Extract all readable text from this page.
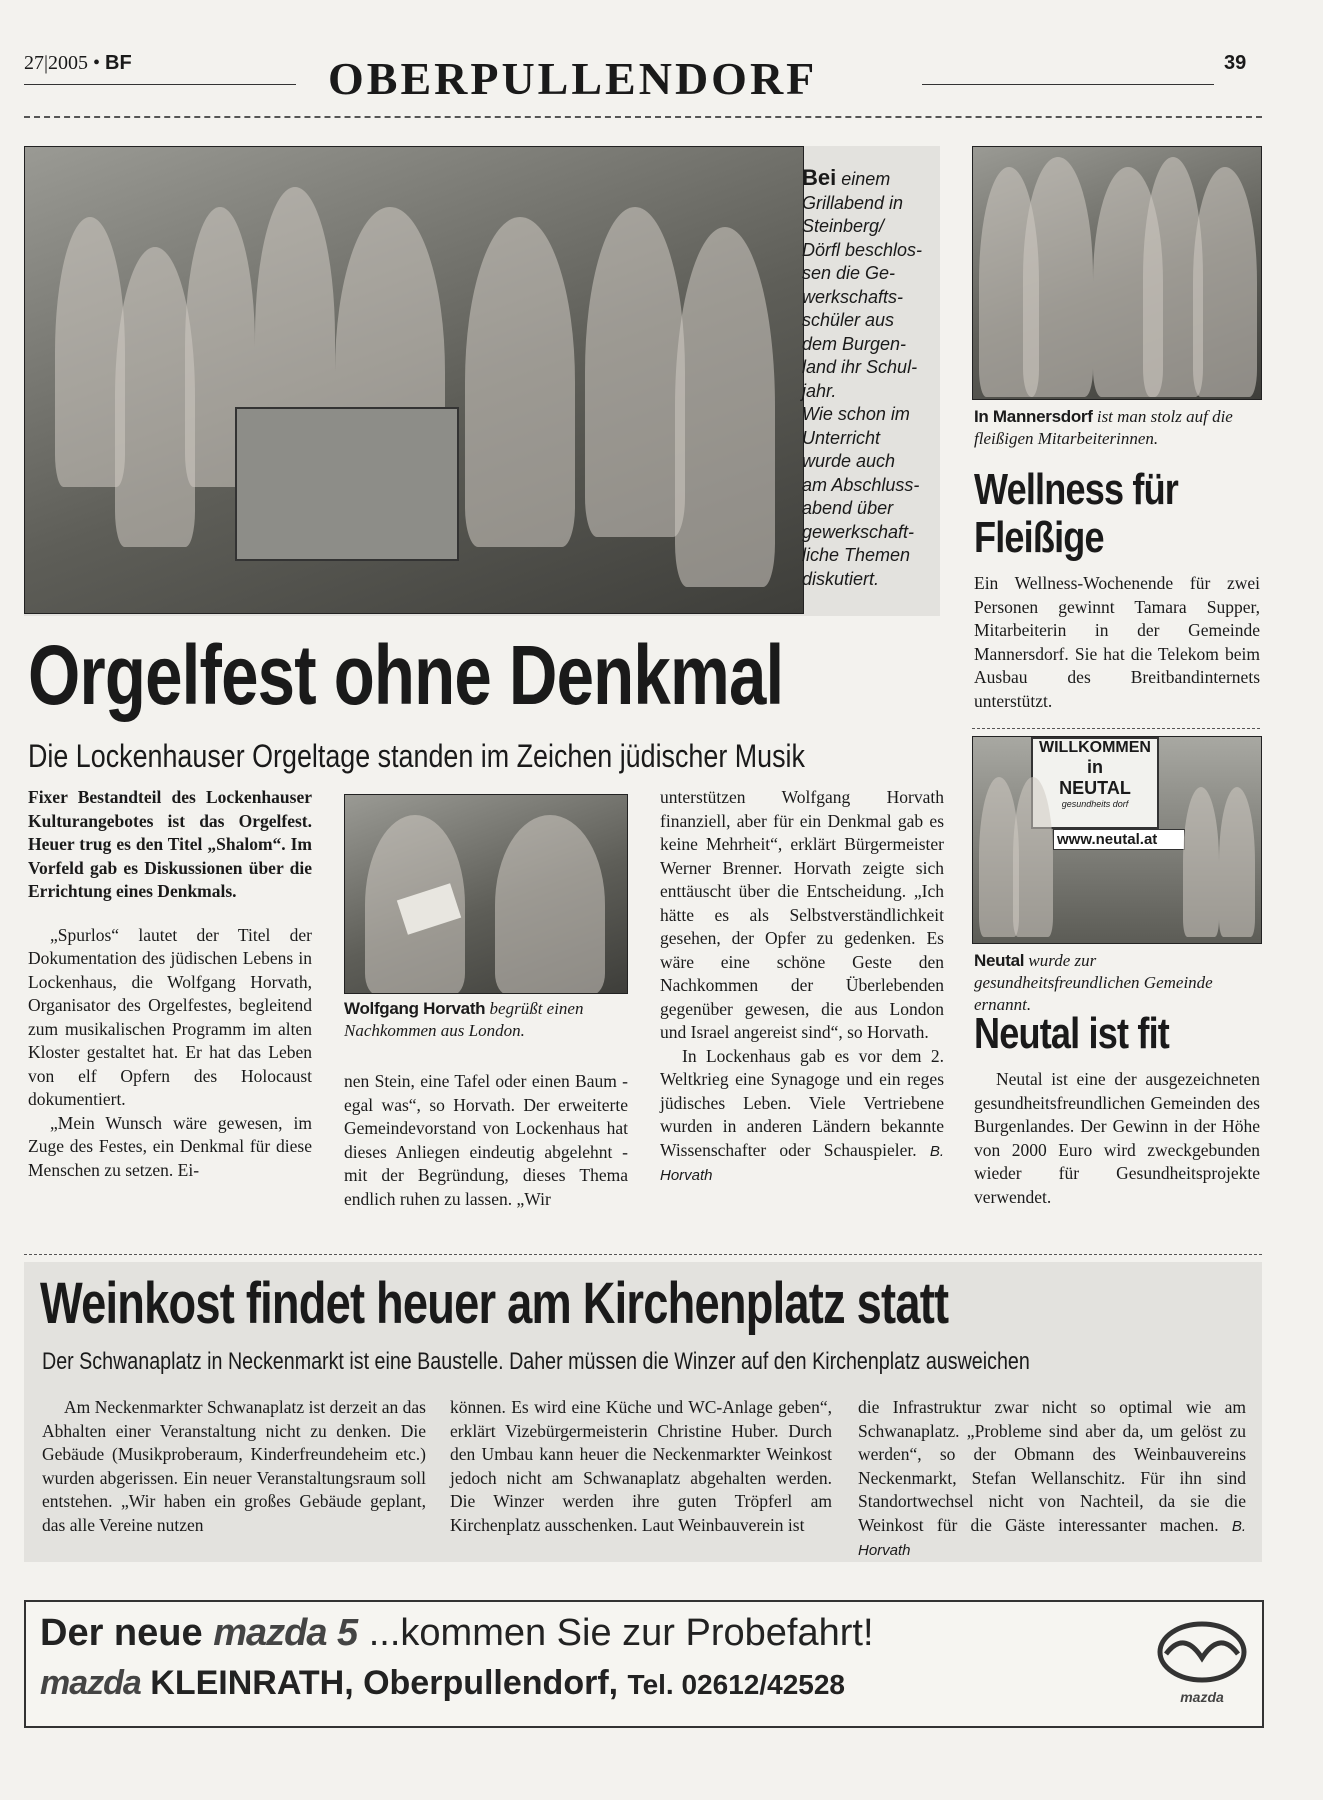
27|2005 • BF	OBERPULLENDORF	39
Bei einem
Grillabend in
Steinberg/
Dörfl beschlos-
sen die Ge-
werkschafts-
schüler aus
dem Burgen-
land ihr Schul-
jahr.
Wie schon im
Unterricht
wurde auch
am Abschluss-
abend über
gewerkschaft-
liche Themen
diskutiert.
In Mannersdorf ist man stolz auf die fleißigen Mitarbeiterinnen.
Wellness für
Fleißige

Ein Wellness-Wochenende für zwei Personen gewinnt Tamara Supper, Mitarbeiterin in der Gemeinde Mannersdorf. Sie hat die Telekom beim Ausbau des Breitbandinternets unterstützt.

Orgelfest ohne Denkmal
Die Lockenhauser Orgeltage standen im Zeichen jüdischer Musik

Fixer Bestandteil des Lockenhauser Kulturangebotes ist das Orgelfest. Heuer trug es den Titel „Shalom“. Im Vorfeld gab es Diskussionen über die Errichtung eines Denkmals.

„Spurlos“ lautet der Titel der Dokumentation des jüdischen Lebens in Lockenhaus, die Wolfgang Horvath, Organisator des Orgelfestes, begleitend zum musikalischen Programm im alten Kloster gestaltet hat. Er hat das Leben von elf Opfern des Holocaust dokumentiert.

„Mein Wunsch wäre gewesen, im Zuge des Festes, ein Denkmal für diese Menschen zu setzen. Ei-

Wolfgang Horvath begrüßt einen Nachkommen aus London.

nen Stein, eine Tafel oder einen Baum - egal was“, so Horvath. Der erweiterte Gemeindevorstand von Lockenhaus hat dieses Anliegen eindeutig abgelehnt - mit der Begründung, dieses Thema endlich ruhen zu lassen. „Wir

unterstützen Wolfgang Horvath finanziell, aber für ein Denkmal gab es keine Mehrheit“, erklärt Bürgermeister Werner Brenner. Horvath zeigte sich enttäuscht über die Entscheidung. „Ich hätte es als Selbstverständlichkeit gesehen, der Opfer zu gedenken. Es wäre eine schöne Geste den Nachkommen der Überlebenden gegenüber gewesen, die aus London und Israel angereist sind“, so Horvath.

In Lockenhaus gab es vor dem 2. Weltkrieg eine Synagoge und ein reges jüdisches Leben. Viele Vertriebene wurden in anderen Ländern bekannte Wissenschafter oder Schauspieler. B. Horvath

WILLKOMMEN
in
NEUTAL
gesundheits dorf
www.neutal.at
Neutal wurde zur gesundheitsfreundlichen Gemeinde ernannt.
Neutal ist fit

Neutal ist eine der ausgezeichneten gesundheitsfreundlichen Gemeinden des Burgenlandes. Der Gewinn in der Höhe von 2000 Euro wird zweckgebunden wieder für Gesundheitsprojekte verwendet.

Weinkost findet heuer am Kirchenplatz statt
Der Schwanaplatz in Neckenmarkt ist eine Baustelle. Daher müssen die Winzer auf den Kirchenplatz ausweichen

Am Neckenmarkter Schwanaplatz ist derzeit an das Abhalten einer Veranstaltung nicht zu denken. Die Gebäude (Musikproberaum, Kinderfreundeheim etc.) wurden abgerissen. Ein neuer Veranstaltungsraum soll entstehen. „Wir haben ein großes Gebäude geplant, das alle Vereine nutzen

können. Es wird eine Küche und WC-Anlage geben“, erklärt Vizebürgermeisterin Christine Huber. Durch den Umbau kann heuer die Neckenmarkter Weinkost jedoch nicht am Schwanaplatz abgehalten werden. Die Winzer werden ihre guten Tröpferl am Kirchenplatz ausschenken. Laut Weinbauverein ist

die Infrastruktur zwar nicht so optimal wie am Schwanaplatz. „Probleme sind aber da, um gelöst zu werden“, so der Obmann des Weinbauvereins Neckenmarkt, Stefan Wellanschitz. Für ihn sind Standortwechsel nicht von Nachteil, da sie die Weinkost für die Gäste interessanter machen. B. Horvath

Der neue mazda 5 ...kommen Sie zur Probefahrt!
mazda KLEINRATH, Oberpullendorf, Tel. 02612/42528	mazda
